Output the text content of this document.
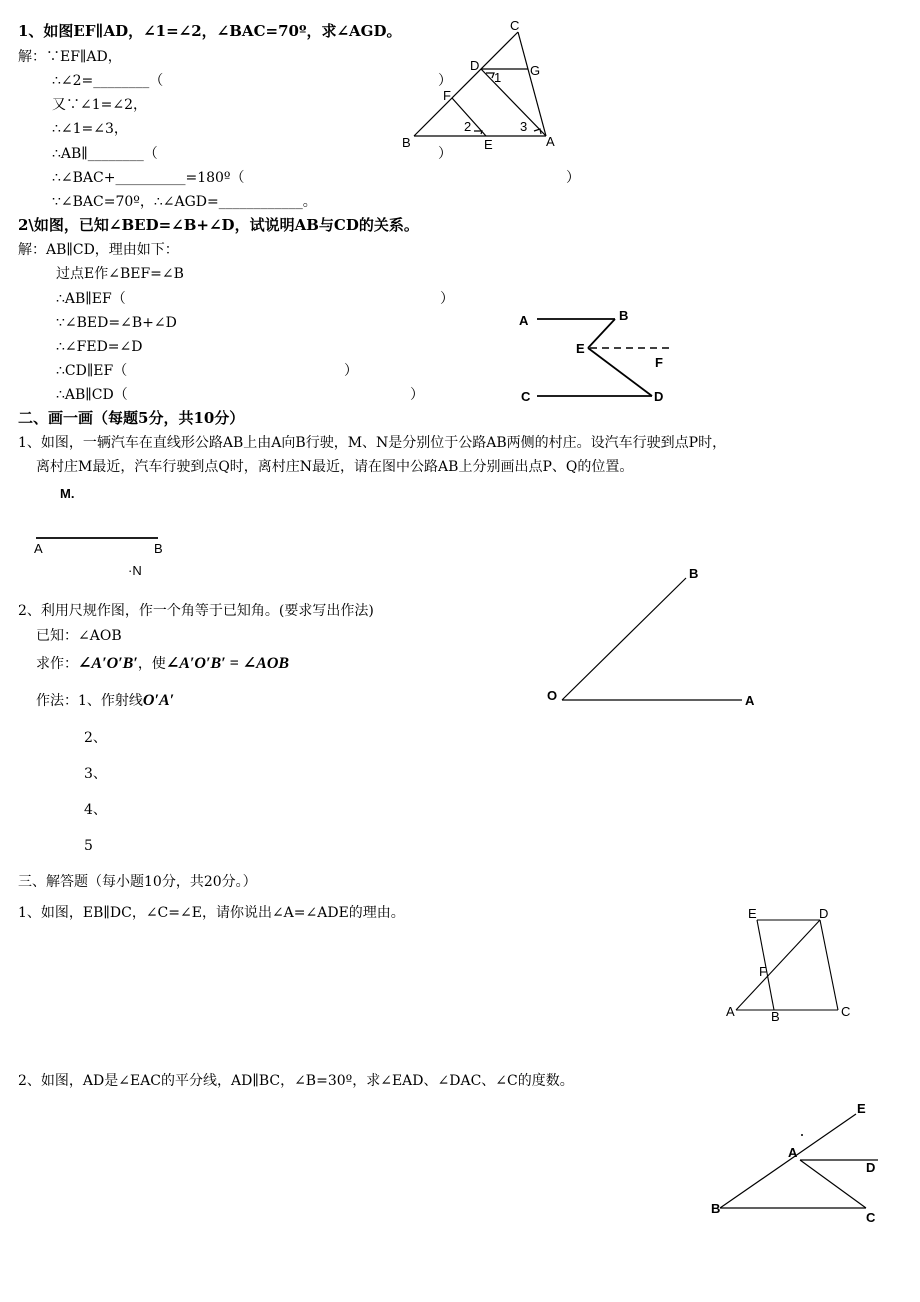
1、如图EF∥AD，∠1=∠2，∠BAC=70º，求∠AGD。
解：∵EF∥AD，
∴∠2=________（	）
又∵∠1=∠2，
∴∠1=∠3，
∴AB∥________（	）
∴∠BAC+__________=180º（	）
∵∠BAC=70º，∴∠AGD=____________。
2\如图，已知∠BED=∠B+∠D，试说明AB与CD的关系。
解：AB∥CD，理由如下：
过点E作∠BEF=∠B
∴AB∥EF（	）
∵∠BED=∠B+∠D
∴∠FED=∠D
∴CD∥EF（	）
∴AB∥CD（	）
二、画一画（每题5分，共10分）
1、如图，一辆汽车在直线形公路AB上由A向B行驶，M、N是分别位于公路AB两侧的村庄。设汽车行驶到点P时，
离村庄M最近，汽车行驶到点Q时，离村庄N最近，请在图中公路AB上分别画出点P、Q的位置。
2、利用尺规作图，作一个角等于已知角。(要求写出作法)
已知：∠AOB
求作：∠A′O′B′，使∠A′O′B′ = ∠AOB
作法：1、作射线O′A′
2、
3、
4、
5
三、解答题（每小题10分，共20分。）
1、如图，EB∥DC，∠C=∠E，请你说出∠A=∠ADE的理由。
2、如图，AD是∠EAC的平分线，AD∥BC，∠B=30º，求∠EAD、∠DAC、∠C的度数。
C
D	G
F
B	E	A
1
2	3
A	B
E
F
C	D
M.
A	B
·N	B
O	A
E	D
F
A	B	C
E
A
D
B
C
